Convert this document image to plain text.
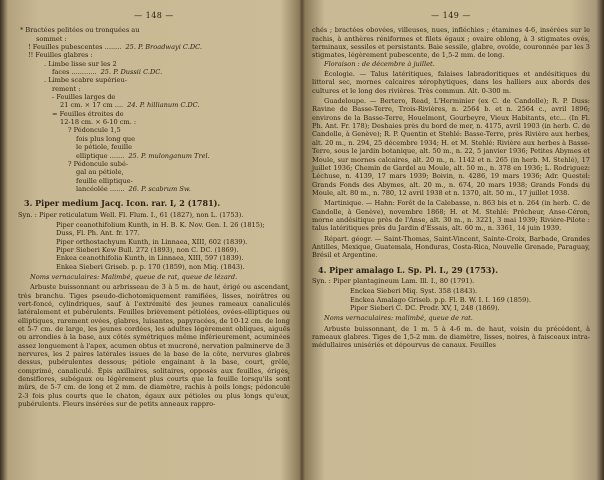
— 148 —
* Bractées pelitées ou tronquées au
sommet :
! Feuilles pubescentes ........ 25. P. Broadwayi C.DC.
!! Feuilles glabres :
. Limbe lisse sur les 2
faces ............ 25. P. Dussii C.DC.
. Limbe scabre supérieu-
rement :
- Feuilles larges de
21 cm. × 17 cm .... 24. P. hillianum C.DC.
= Feuilles étroites de
12-18 cm. × 6-10 cm. :
? Pédoncule 1,5
fois plus long que
le pétiole, feuille
elliptique ....... 25. P. mulonganum Trel.
? Pédoncule subé-
gal au pétiole,
feuille elliptique-
lancéolée ....... 26. P. scabrum Sw.
3. Piper medium Jacq. Icon. rar. I, 2 (1781).
Syn. : Piper reticulatum Well. Fl. Flum. I., 61 (1827), non L. (1753).
Piper ceanothifolium Kunth, in H. B. K. Nov. Gen. I. 26 (1815);
Duss, Fl. Ph. Ant. fr. 177.
Piper orthostachyum Kunth, in Linnaea, XIII, 602 (1839).
Piper Sieberi Kew Bull. 272 (1893), non C. DC. (1869).
Enkea ceanothifolia Kunth, in Linnaea, XIII, 597 (1839).
Enkea Sieberi Griseb. p. p. 170 (1859), non Miq. (1843).
Noms vernaculaires: Malimbé, queue de rat, queue de lézard.

Arbuste buissonnant ou arbrisseau de 3 à 5 m. de haut, érigé ou ascendant, très branchu. Tiges pseudo-dichotomiquement ramifiées, lisses, noirâtres ou vert-foncé, cylindriques, sauf à l'extrémité des jeunes rameaux canaliculés latéralement et pubérulents. Feuilles brièvement pétiolées, ovées-elliptiques ou elliptiques, rarement ovées, glabres, luisantes, papyracées, de 10-12 cm. de long et 5-7 cm. de large, les jeunes cordées, les adultes légèrement obliques, aiguës ou arrondies à la base, aux côtés symétriques même inférieurement, acuminées assez longuement à l'apex, acumen obtus et mucroné, nervation palminerve de 3 nervures, les 2 paires latérales issues de la base de la côte, nervures glabres dessus, pubérulentes dessous; pétiole engainant à la base, court, grêle, comprimé, canaliculé. Épis axillaires, solitaires, opposés aux feuilles, érigés, densiflores, subégaux ou légèrement plus courts que la feuille lorsqu'ils sont mûrs, de 5-7 cm. de long et 2 mm. de diamètre, rachis à poils longs; pédoncule 2-3 fois plus courts que le chaton, égaux aux pétioles ou plus longs qu'eux, pubérulents. Fleurs insérées sur de petits anneaux rappro-

— 149 —

chés ; bractées obovées, villeuses, nues, infléchies ; étamines 4-6, insérées sur le rachis, à anthères réniformes et filets égaux ; ovaire oblong, à 3 stigmates ovés, terminaux, sessiles et persistants. Baie sessile, glabre, ovoïde, couronnée par les 3 stigmates, légèrement pubescente, de 1,5-2 mm. de long.

Floraison : de décembre à juillet.

Écologie. — Talus latéritiques, falaises labradoritiques et andésitiques du littoral sec, mornes calcaires xérophytiques, dans les halliers aux abords des cultures et le long des rivières. Très commun. Alt. 0-300 m.

Guadeloupe. — Bertero, Read, L'Herminier (ex C. de Candolle); R. P. Duss: Ravine de Basse-Terre, Trois-Rivières, n. 2564 b. et n. 2564 c., avril 1896; environs de la Basse-Terre, Houelmont, Gourbeyre, Vieux Habitants, etc... (In Fl. Ph. Ant. Fr. 178); Deshaies près du bord de mer, n. 4175, avril 1903 (in herb. C. de Candolle, à Genève); R. P. Quentin et Stehlé: Basse-Terre, près Rivière aux herbes, alt. 20 m., n. 294, 25 décembre 1934; H. et M. Stehlé: Rivière aux herbes à Basse-Terre, sous le jardin botanique, alt. 50 m., n. 22, 5 janvier 1936; Petites Abymes et Moule, sur mornes calcaires, alt. 20 m., n. 1142 et n. 265 (in herb. M. Stehlé), 17 juillet 1936; Chemin de Gardel au Moule, alt. 50 m., n. 378 en 1936; L. Rodriguez: Léchuse, n. 4139, 17 mars 1939; Boivin, n. 4286, 19 mars 1936; Adr. Questel: Grands Fonds des Abymes, alt. 20 m., n. 674, 20 mars 1938; Grands Fonds du Moule, alt. 80 m., n. 780, 12 avril 1938 et n. 1370, alt. 50 m., 17 juillet 1938.

Martinique. — Hahn: Forêt de la Calebasse, n. 863 bis et n. 264 (in herb. C. de Candolle, à Genève), novembre 1868; H. et M. Stehlé: Prêcheur, Anse-Céron, morne andésitique près de l'Anse, alt. 30 m., n. 3221, 3 mai 1939; Rivière-Pilote : talus latéritiques près du Jardin d'Essais, alt. 60 m., n. 3361, 14 juin 1939.

Répart. géogr. — Saint-Thomas, Saint-Vincent, Sainte-Croix, Barbade, Grandes Antilles, Mexique, Guatemala, Honduras, Costa-Rica, Nouvelle Grenade, Paraguay, Brésil et Argentine.

4. Piper amalago L. Sp. Pl. I., 29 (1753).
Syn. : Piper plantagineum Lam. Ill. I., 80 (1791).
Enckea Sieberi Miq. Syst. 358 (1843).
Enckea Amalago Griseb. p.p. Fl. B. W. I. I. 169 (1859).
Piper Sieberi C. DC. Prodr. XV, I, 248 (1869).
Noms vernaculaires: malimbé, queue de rat.

Arbuste buissonnant, de 1 m. 5 à 4-6 m. de haut, voisin du précédent, à rameaux glabres. Tiges de 1,5-2 mm. de diamètre, lisses, noires, à faisceaux intra-médullaires unisériés et dépourvus de canaux. Feuilles
